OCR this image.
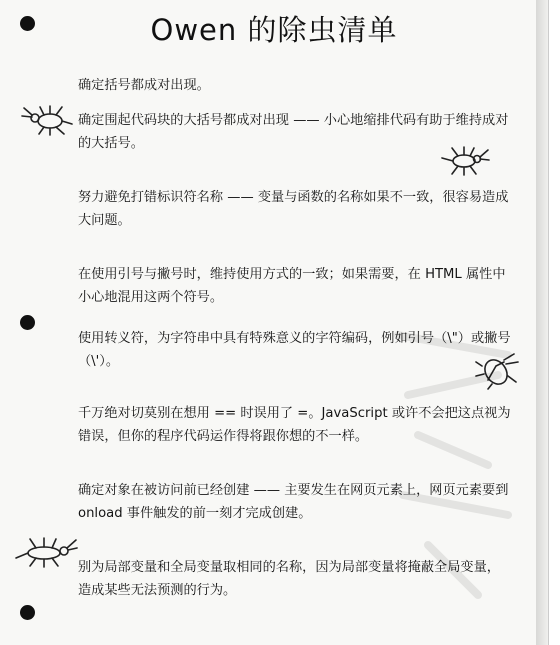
Owen 的除虫清单
确定括号都成对出现。
确定围起代码块的大括号都成对出现 —— 小心地缩排代码有助于维持成对的大括号。
努力避免打错标识符名称 —— 变量与函数的名称如果不一致，很容易造成大问题。
在使用引号与撇号时，维持使用方式的一致；如果需要，在 HTML 属性中小心地混用这两个符号。
使用转义符，为字符串中具有特殊意义的字符编码，例如引号（\"）或撇号（\'）。
千万绝对切莫别在想用 == 时误用了 =。JavaScript 或许不会把这点视为错误，但你的程序代码运作得将跟你想的不一样。
确定对象在被访问前已经创建 —— 主要发生在网页元素上，网页元素要到 onload 事件触发的前一刻才完成创建。
别为局部变量和全局变量取相同的名称，因为局部变量将掩蔽全局变量，造成某些无法预测的行为。
